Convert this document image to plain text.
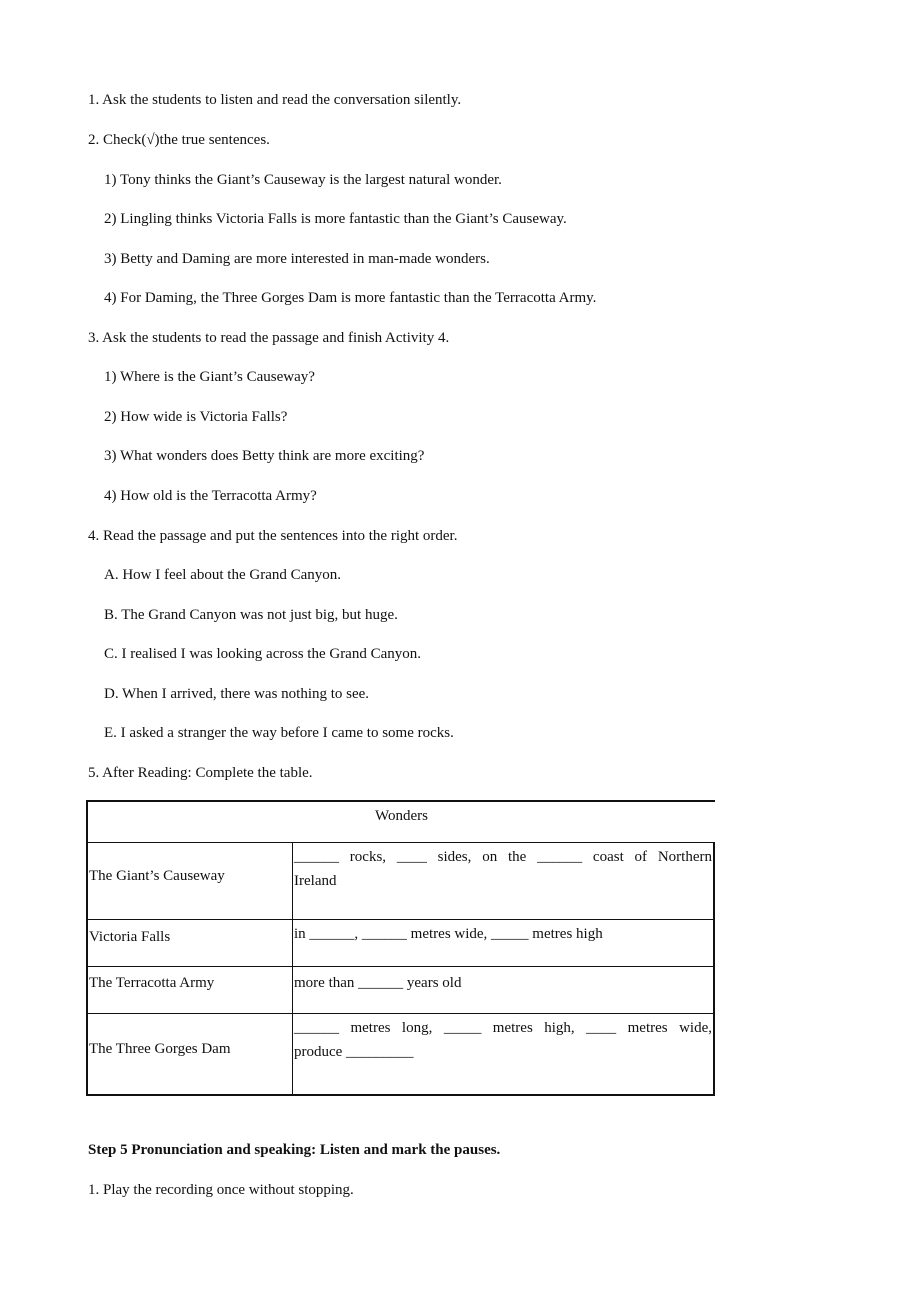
1. Ask the students to listen and read the conversation silently.
2. Check(√)the true sentences.
1) Tony thinks the Giant’s Causeway is the largest natural wonder.
2) Lingling thinks Victoria Falls is more fantastic than the Giant’s Causeway.
3) Betty and Daming are more interested in man-made wonders.
4) For Daming, the Three Gorges Dam is more fantastic than the Terracotta Army.
3. Ask the students to read the passage and finish Activity 4.
1) Where is the Giant’s Causeway?
2) How wide is Victoria Falls?
3) What wonders does Betty think are more exciting?
4) How old is the Terracotta Army?
4. Read the passage and put the sentences into the right order.
A. How I feel about the Grand Canyon.
B. The Grand Canyon was not just big, but huge.
C. I realised I was looking across the Grand Canyon.
D. When I arrived, there was nothing to see.
E. I asked a stranger the way before I came to some rocks.
5. After Reading: Complete the table.
Wonders
The Giant’s Causeway
______ rocks, ____ sides, on the ______ coast of Northern
Ireland
Victoria Falls	in ______, ______ metres wide, _____ metres high
The Terracotta Army	more than ______ years old
The Three Gorges Dam
______ metres long, _____ metres high, ____ metres wide,
produce _________
Step 5 Pronunciation and speaking: Listen and mark the pauses.
1. Play the recording once without stopping.
